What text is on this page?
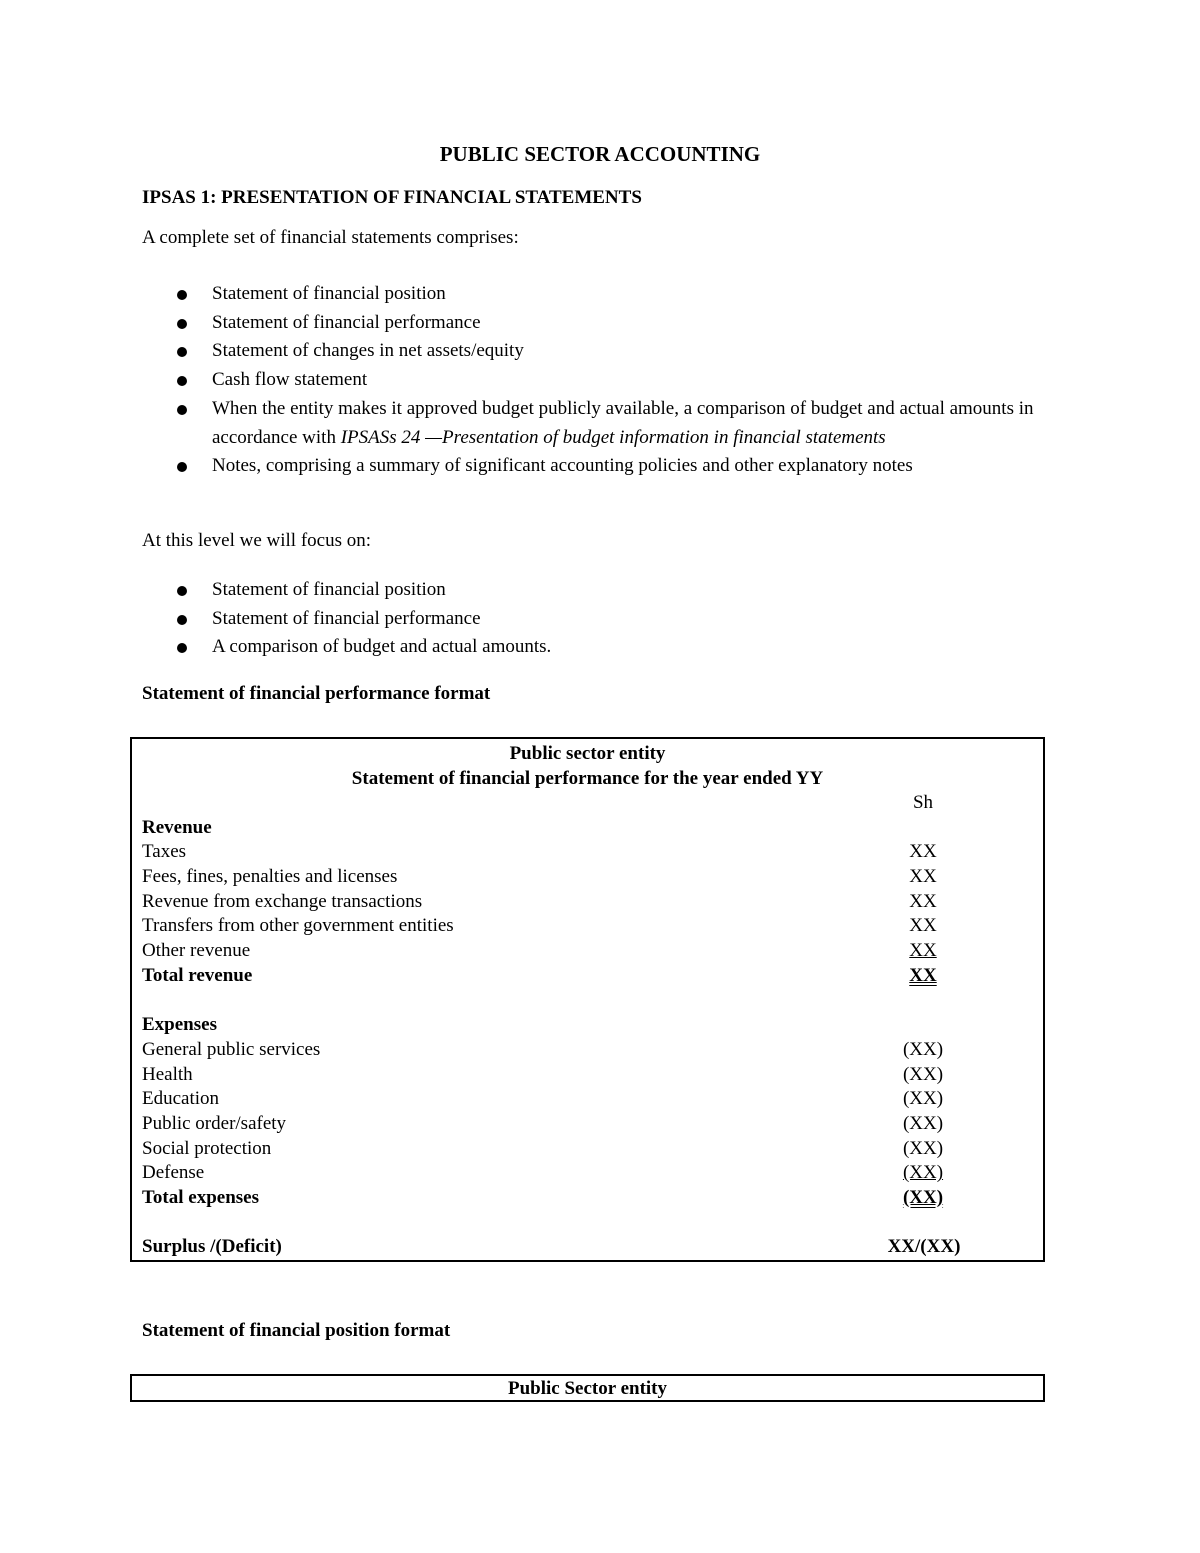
PUBLIC SECTOR ACCOUNTING
IPSAS 1: PRESENTATION OF FINANCIAL STATEMENTS

A complete set of financial statements comprises:

Statement of financial position
Statement of financial performance
Statement of changes in net assets/equity
Cash flow statement
When the entity makes it approved budget publicly available, a comparison of budget and actual amounts in accordance with IPSASs 24 —Presentation of budget information in financial statements
Notes, comprising a summary of significant accounting policies and other explanatory notes

At this level we will focus on:

Statement of financial position
Statement of financial performance
A comparison of budget and actual amounts.
Statement of financial performance format
Public sector entity
Statement of financial performance for the year ended YY
Sh
Revenue
Taxes	XX
Fees, fines, penalties and licenses	XX
Revenue from exchange transactions	XX
Transfers from other government entities	XX
Other revenue	XX
Total revenue	XX
Expenses
General public services	(XX)
Health	(XX)
Education	(XX)
Public order/safety	(XX)
Social protection	(XX)
Defense	(XX)
Total expenses	(XX)
Surplus /(Deficit)	XX/(XX)
Statement of financial position format
Public Sector entity
